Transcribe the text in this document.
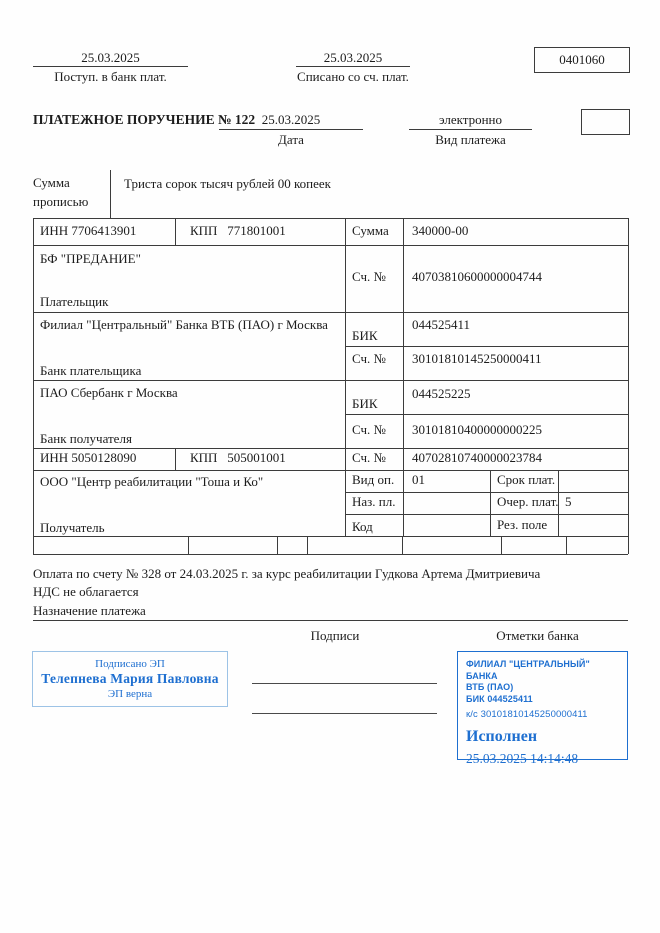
25.03.2025
Поступ. в банк плат.
25.03.2025
Списано со сч. плат.
0401060
ПЛАТЕЖНОЕ ПОРУЧЕНИЕ № 122 25.03.2025
Дата
электронно
Вид платежа
Сумма прописью
Триста сорок тысяч рублей 00 копеек
ИНН 7706413901	КПП   771801001	Сумма 340000-00
БФ "ПРЕДАНИЕ"
Сч. № 40703810600000004744
Плательщик
Филиал "Центральный" Банка ВТБ (ПАО) г Москва
БИК
044525411
Сч. № 30101810145250000411
Банк плательщика
ПАО Сбербанк г Москва
БИК
044525225
Сч. № 30101810400000000225
Банк получателя
ИНН 5050128090	КПП   505001001	Сч. № 40702810740000023784
ООО "Центр реабилитации "Тоша и Ко"	Вид оп. 01	Срок плат.
Наз. пл.	Очер. плат. 5
Код	Рез. поле
Получатель
Оплата по счету № 328 от 24.03.2025 г. за курс реабилитации Гудкова Артема Дмитриевича
НДС не облагается
Назначение платежа
Подписи	Отметки банка
Подписано ЭП
Телепнева Мария Павловна
ЭП верна
ФИЛИАЛ "ЦЕНТРАЛЬНЫЙ" БАНКА
ВТБ (ПАО)
БИК 044525411
к/с 30101810145250000411
Исполнен
25.03.2025 14:14:48
